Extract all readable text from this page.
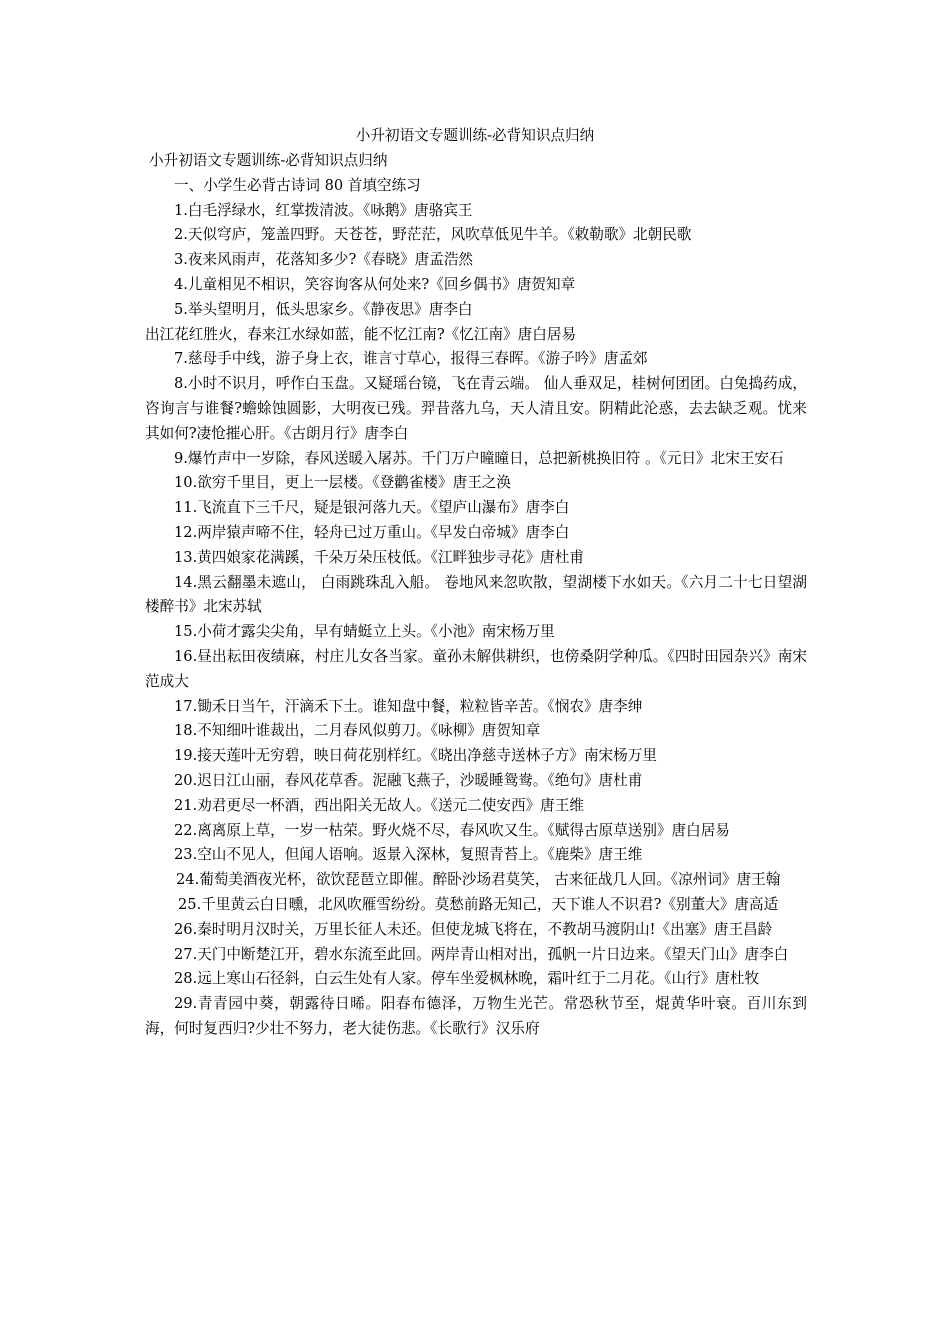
小升初语文专题训练-必背知识点归纳
小升初语文专题训练-必背知识点归纳
一、小学生必背古诗词 80 首填空练习
1.白毛浮绿水，红掌拨清波。《咏鹅》唐骆宾王
2.天似穹庐，笼盖四野。天苍苍，野茫茫，风吹草低见牛羊。《敕勒歌》北朝民歌
3.夜来风雨声，花落知多少?《春晓》唐孟浩然
4.儿童相见不相识，笑容询客从何处来?《回乡偶书》唐贺知章
5.举头望明月，低头思家乡。《静夜思》唐李白
出江花红胜火，春来江水绿如蓝，能不忆江南?《忆江南》唐白居易
7.慈母手中线，游子身上衣，谁言寸草心，报得三春晖。《游子吟》唐孟郊
8.小时不识月，呼作白玉盘。又疑瑶台镜，飞在青云端。 仙人垂双足，桂树何团团。白兔捣药成，咨询言与谁餐?蟾蜍蚀圆影，大明夜已残。羿昔落九乌，天人清且安。阴精此沦惑，去去缺乏观。忧来其如何?凄怆摧心肝。《古朗月行》唐李白
9.爆竹声中一岁除，春风送暖入屠苏。千门万户曈曈日，总把新桃换旧符 。《元日》北宋王安石
10.欲穷千里目，更上一层楼。《登鹳雀楼》唐王之涣
11.飞流直下三千尺，疑是银河落九天。《望庐山瀑布》唐李白
12.两岸猿声啼不住，轻舟已过万重山。《早发白帝城》唐李白
13.黄四娘家花满蹊，千朵万朵压枝低。《江畔独步寻花》唐杜甫
14.黑云翻墨未遮山， 白雨跳珠乱入船。 卷地风来忽吹散，望湖楼下水如天。《六月二十七日望湖楼醉书》北宋苏轼
15.小荷才露尖尖角，早有蜻蜓立上头。《小池》南宋杨万里
16.昼出耘田夜绩麻，村庄儿女各当家。童孙未解供耕织，也傍桑阴学种瓜。《四时田园杂兴》南宋范成大
17.锄禾日当午，汗滴禾下土。谁知盘中餐，粒粒皆辛苦。《悯农》唐李绅
18.不知细叶谁裁出，二月春风似剪刀。《咏柳》唐贺知章
19.接天莲叶无穷碧，映日荷花别样红。《晓出净慈寺送林子方》南宋杨万里
20.迟日江山丽，春风花草香。泥融飞燕子，沙暖睡鸳鸯。《绝句》唐杜甫
21.劝君更尽一杯酒，西出阳关无故人。《送元二使安西》唐王维
22.离离原上草，一岁一枯荣。野火烧不尽，春风吹又生。《赋得古原草送别》唐白居易
23.空山不见人，但闻人语响。返景入深林，复照青苔上。《鹿柴》唐王维
24.葡萄美酒夜光杯，欲饮琵琶立即催。醉卧沙场君莫笑， 古来征战几人回。《凉州词》唐王翰
25.千里黄云白日曛，北风吹雁雪纷纷。莫愁前路无知己，天下谁人不识君?《别董大》唐高适
26.秦时明月汉时关，万里长征人未还。但使龙城飞将在，不教胡马渡阴山!《出塞》唐王昌龄
27.天门中断楚江开，碧水东流至此回。两岸青山相对出，孤帆一片日边来。《望天门山》唐李白
28.远上寒山石径斜，白云生处有人家。停车坐爱枫林晚，霜叶红于二月花。《山行》唐杜牧
29.青青园中葵，朝露待日晞。阳春布德泽，万物生光芒。常恐秋节至，焜黄华叶衰。百川东到海，何时复西归?少壮不努力，老大徒伤悲。《长歌行》汉乐府
